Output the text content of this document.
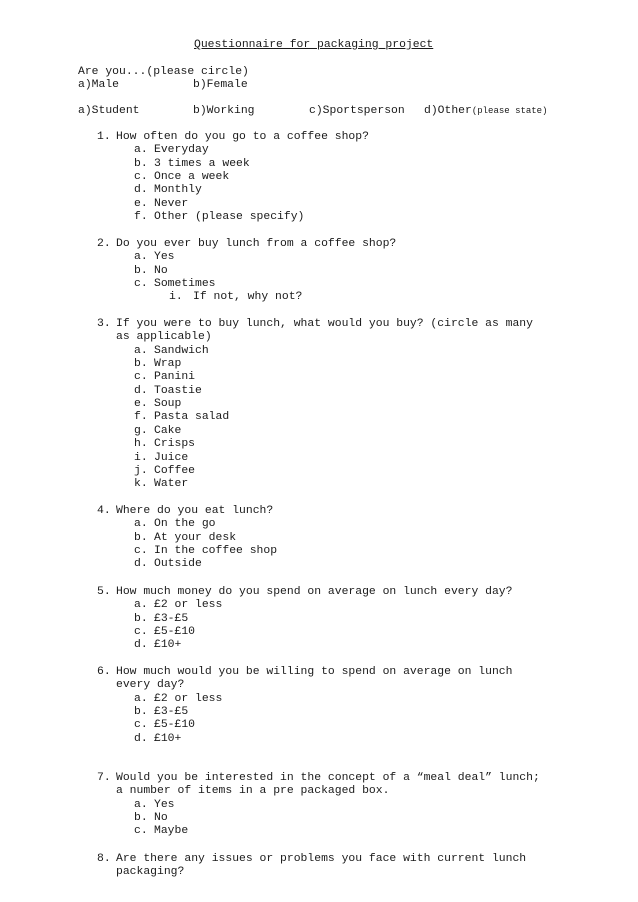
Questionnaire for packaging project
Are you...(please circle)
a)Male	b)Female
a)Student	b)Working	c)Sportsperson d)Other(please state)
1. How often do you go to a coffee shop?
a. Everyday
b. 3 times a week
c. Once a week
d. Monthly
e. Never
f. Other (please specify)
2. Do you ever buy lunch from a coffee shop?
a. Yes
b. No
c. Sometimes
i. If not, why not?
3. If you were to buy lunch, what would you buy? (circle as many
as applicable)
a. Sandwich
b. Wrap
c. Panini
d. Toastie
e. Soup
f. Pasta salad
g. Cake
h. Crisps
i. Juice
j. Coffee
k. Water
4. Where do you eat lunch?
a. On the go
b. At your desk
c. In the coffee shop
d. Outside
5. How much money do you spend on average on lunch every day?
a. £2 or less
b. £3-£5
c. £5-£10
d. £10+
6. How much would you be willing to spend on average on lunch
every day?
a. £2 or less
b. £3-£5
c. £5-£10
d. £10+
7. Would you be interested in the concept of a “meal deal” lunch;
a number of items in a pre packaged box.
a. Yes
b. No
c. Maybe
8. Are there any issues or problems you face with current lunch
packaging?
